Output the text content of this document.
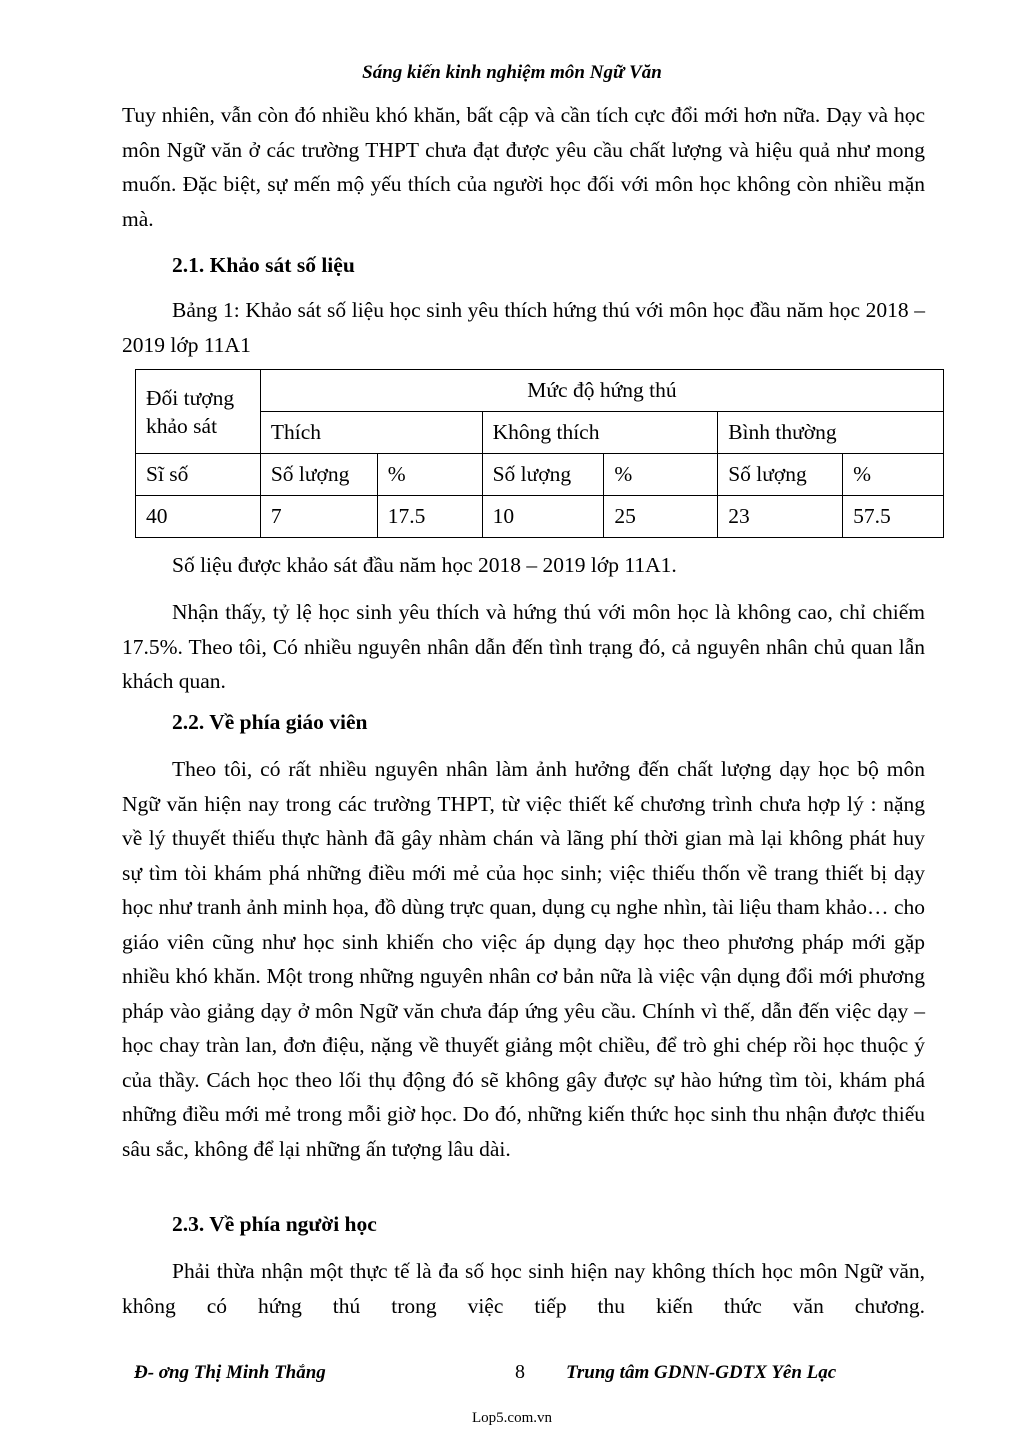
Sáng kiến kinh nghiệm môn Ngữ Văn

Tuy nhiên, vẫn còn đó nhiều khó khăn, bất cập và cần tích cực đổi mới hơn nữa. Dạy và học môn Ngữ văn ở các trường THPT chưa đạt được yêu cầu chất lượng và hiệu quả như mong muốn. Đặc biệt, sự mến mộ yếu thích của người học đối với môn học không còn nhiều mặn mà.

2.1. Khảo sát số liệu

Bảng 1: Khảo sát số liệu học sinh yêu thích hứng thú với môn học đầu năm học 2018 – 2019 lớp 11A1

Đối tượng khảo sát	Mức độ hứng thú					
	Thích		Không thích		Bình thường	
Sĩ số	Số lượng	%	Số lượng	%	Số lượng	%
40	7	17.5	10	25	23	57.5

Số liệu được khảo sát đầu năm học 2018 – 2019 lớp 11A1.

Nhận thấy, tỷ lệ học sinh yêu thích và hứng thú với môn học là không cao, chỉ chiếm 17.5%. Theo tôi, Có nhiều nguyên nhân dẫn đến tình trạng đó, cả nguyên nhân chủ quan lẫn khách quan.

2.2. Về phía giáo viên

Theo tôi, có rất nhiều nguyên nhân làm ảnh hưởng đến chất lượng dạy học bộ môn Ngữ văn hiện nay trong các trường THPT, từ việc thiết kế chương trình chưa hợp lý : nặng về lý thuyết thiếu thực hành đã gây nhàm chán và lãng phí thời gian mà lại không phát huy sự tìm tòi khám phá những điều mới mẻ của học sinh; việc thiếu thốn về trang thiết bị dạy học như tranh ảnh minh họa, đồ dùng trực quan, dụng cụ nghe nhìn, tài liệu tham khảo… cho giáo viên cũng như học sinh khiến cho việc áp dụng dạy học theo phương pháp mới gặp nhiều khó khăn. Một trong những nguyên nhân cơ bản nữa là việc vận dụng đổi mới phương pháp vào giảng dạy ở môn Ngữ văn chưa đáp ứng yêu cầu. Chính vì thế, dẫn đến việc dạy – học chay tràn lan, đơn điệu, nặng về thuyết giảng một chiều, để trò ghi chép rồi học thuộc ý của thầy. Cách học theo lối thụ động đó sẽ không gây được sự hào hứng tìm tòi, khám phá những điều mới mẻ trong mỗi giờ học. Do đó, những kiến thức học sinh thu nhận được thiếu sâu sắc, không để lại những ấn tượng lâu dài.

2.3. Về phía người học

Phải thừa nhận một thực tế là đa số học sinh hiện nay không thích học môn Ngữ văn, không có hứng thú trong việc tiếp thu kiến thức văn chương.

Đ- ơng Thị Minh Thắng	8 Trung tâm GDNN-GDTX Yên Lạc
Lop5.com.vn
